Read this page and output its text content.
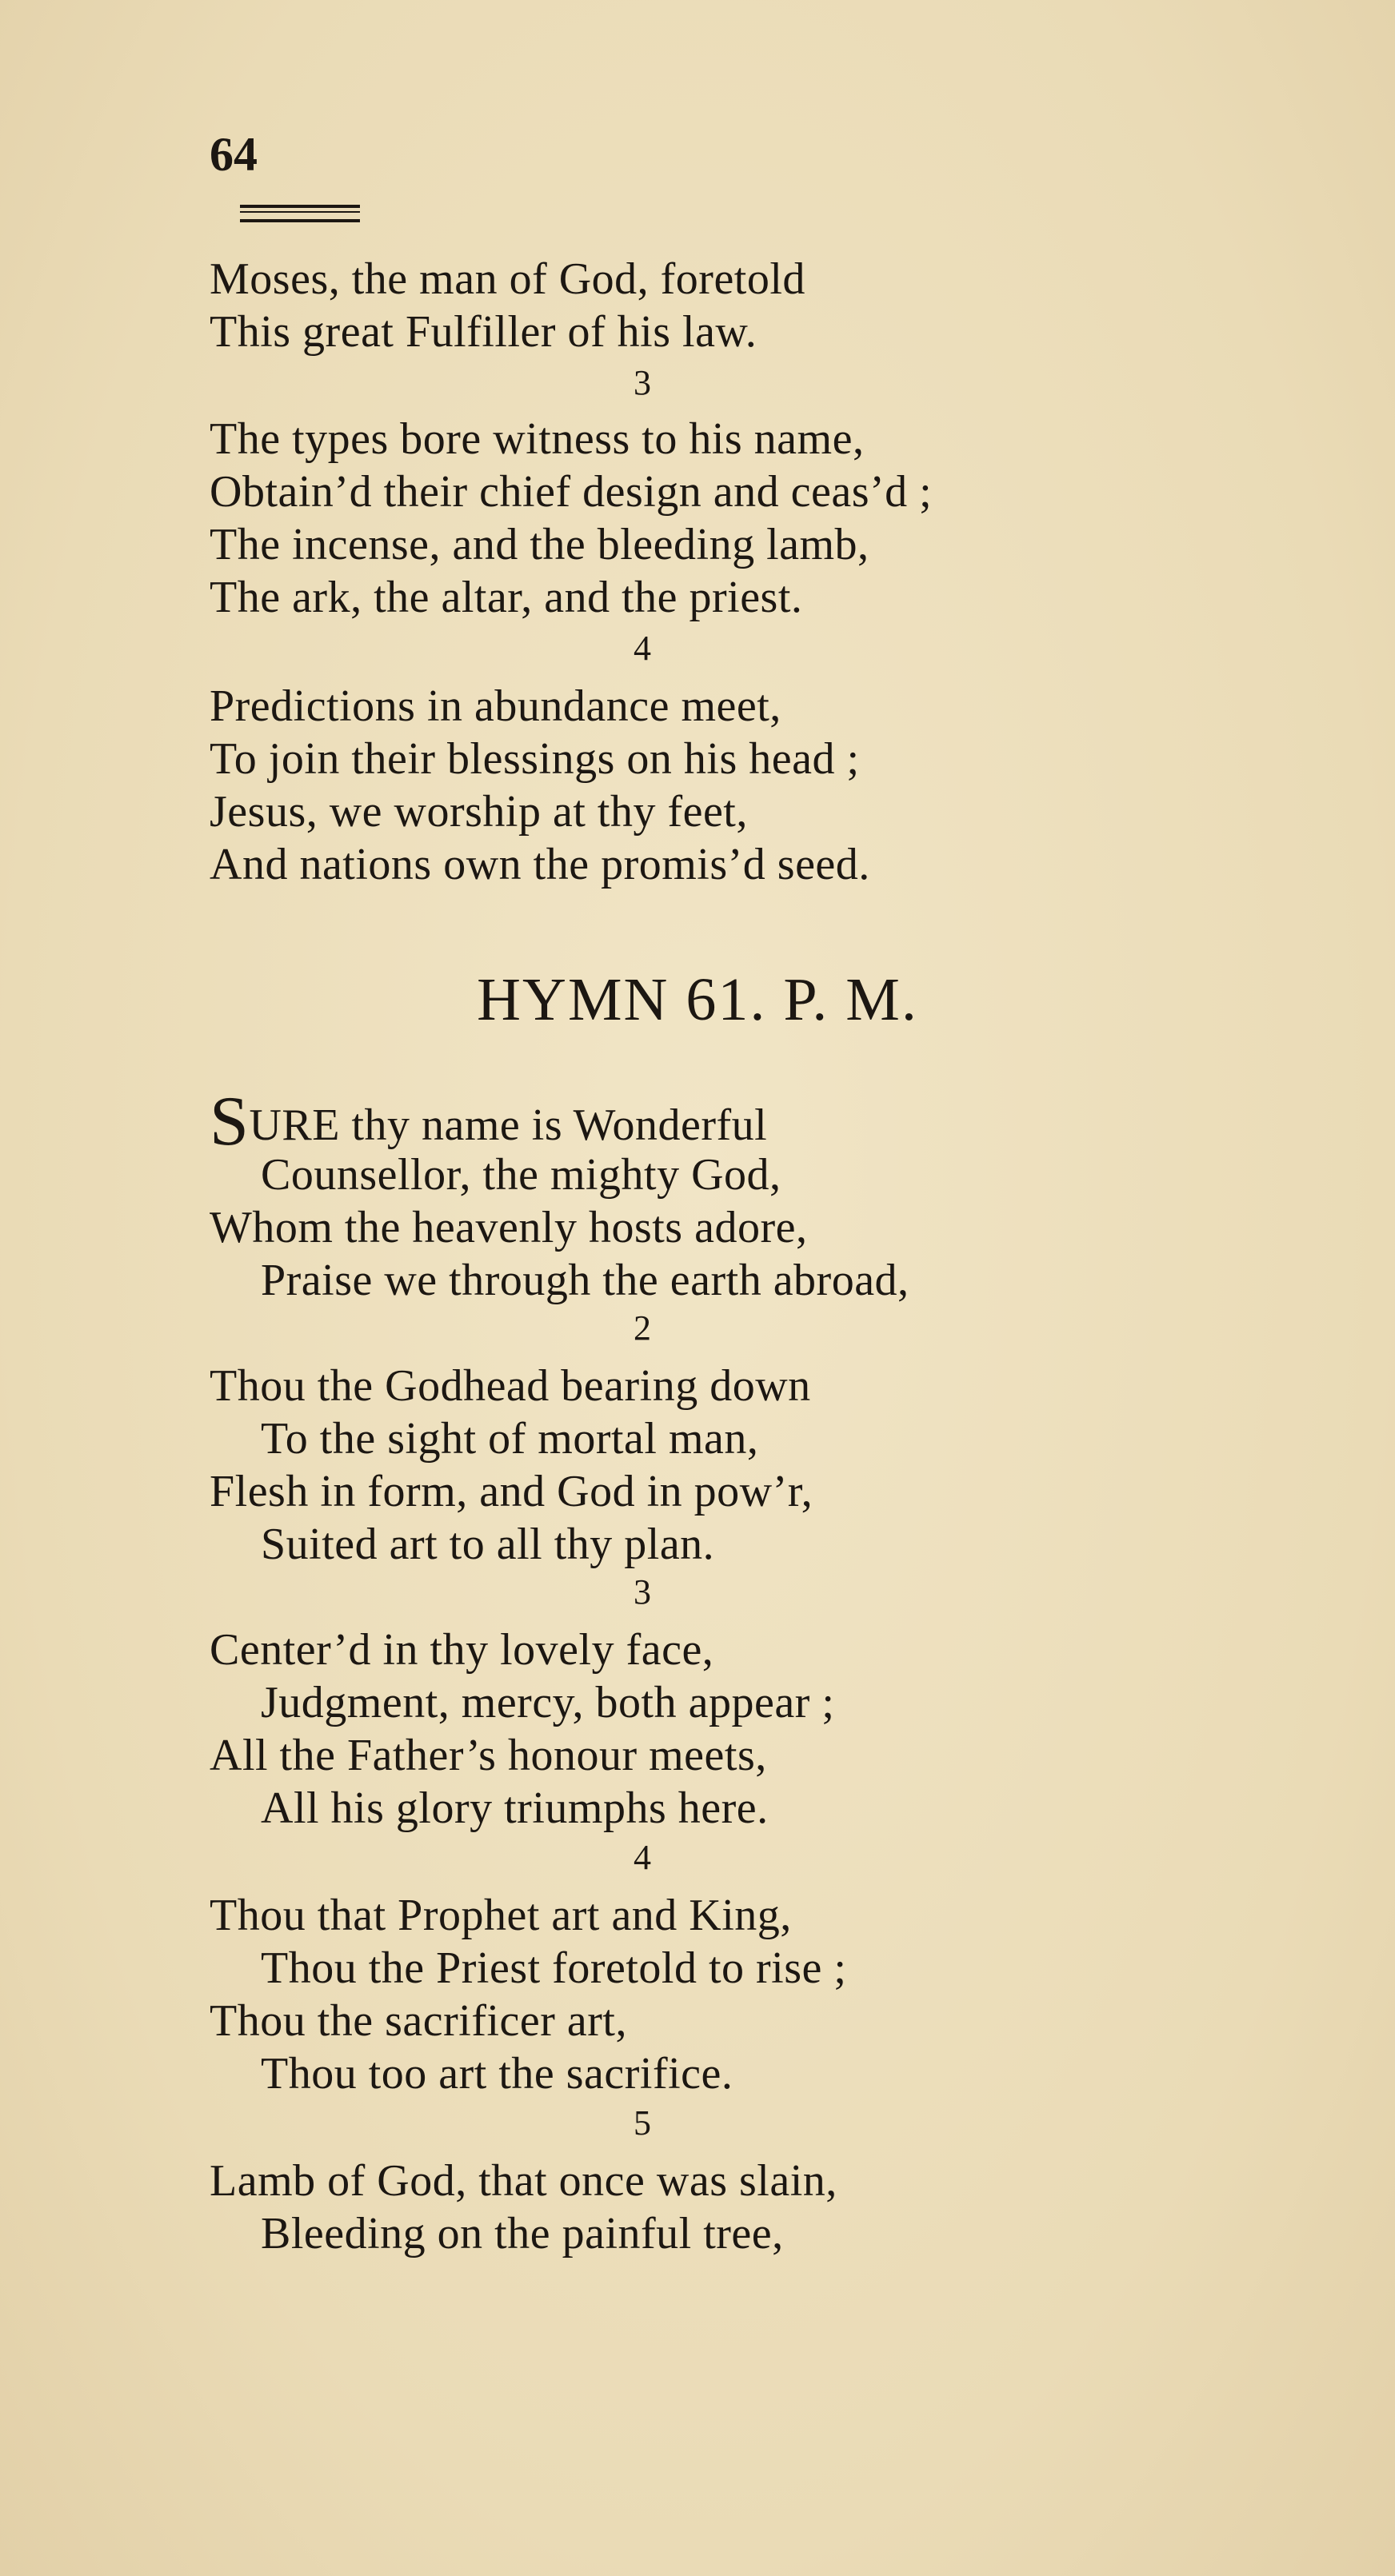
64
Moses, the man of God, foretold
This great Fulfiller of his law.
3
The types bore witness to his name,
Obtain’d their chief design and ceas’d ;
The incense, and the bleeding lamb,
The ark, the altar, and the priest.
4
Predictions in abundance meet,
To join their blessings on his head ;
Jesus, we worship at thy feet,
And nations own the promis’d seed.
HYMN 61. P. M.
SURE thy name is Wonderful
Counsellor, the mighty God,
Whom the heavenly hosts adore,
Praise we through the earth abroad,
2
Thou the Godhead bearing down
To the sight of mortal man,
Flesh in form, and God in pow’r,
Suited art to all thy plan.
3
Center’d in thy lovely face,
Judgment, mercy, both appear ;
All the Father’s honour meets,
All his glory triumphs here.
4
Thou that Prophet art and King,
Thou the Priest foretold to rise ;
Thou the sacrificer art,
Thou too art the sacrifice.
5
Lamb of God, that once was slain,
Bleeding on the painful tree,
